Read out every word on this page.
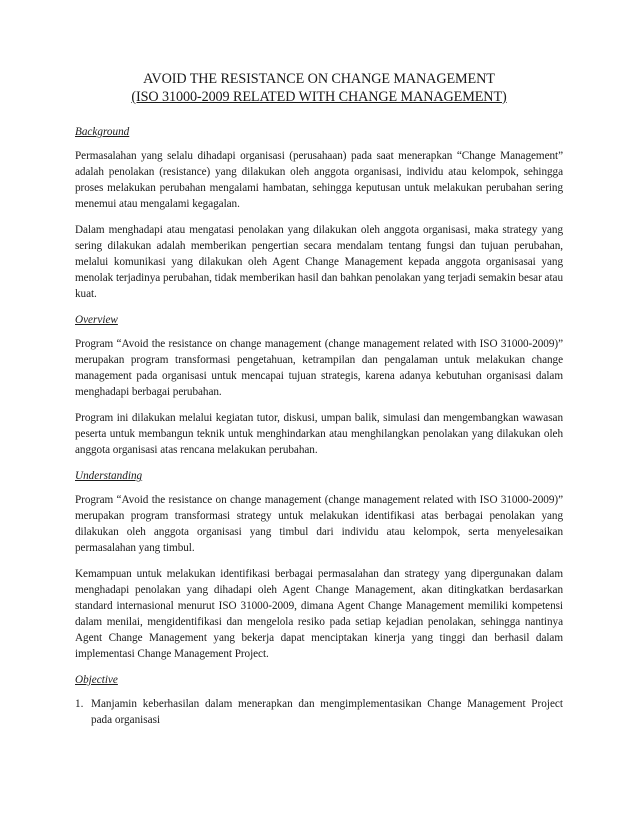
AVOID THE RESISTANCE ON CHANGE MANAGEMENT

(ISO 31000-2009 RELATED WITH CHANGE MANAGEMENT)

Background

Permasalahan yang selalu dihadapi organisasi (perusahaan) pada saat menerapkan “Change Management” adalah penolakan (resistance) yang dilakukan oleh anggota organisasi, individu atau kelompok, sehingga proses melakukan perubahan mengalami hambatan, sehingga keputusan untuk melakukan perubahan sering menemui atau mengalami kegagalan.

Dalam menghadapi atau mengatasi penolakan yang dilakukan oleh anggota organisasi, maka strategy yang sering dilakukan adalah memberikan pengertian secara mendalam tentang fungsi dan tujuan perubahan, melalui komunikasi yang dilakukan oleh Agent Change Management kepada anggota organisasai yang menolak terjadinya perubahan, tidak memberikan hasil dan bahkan penolakan yang terjadi semakin besar atau kuat.

Overview

Program “Avoid the resistance on change management (change management related with ISO 31000-2009)” merupakan program transformasi pengetahuan, ketrampilan dan pengalaman untuk melakukan change management pada organisasi untuk mencapai tujuan strategis, karena adanya kebutuhan organisasi dalam menghadapi berbagai perubahan.

Program ini dilakukan melalui kegiatan tutor, diskusi, umpan balik, simulasi dan mengembangkan wawasan peserta untuk membangun teknik untuk menghindarkan atau menghilangkan penolakan yang dilakukan oleh anggota organisasi atas rencana melakukan perubahan.

Understanding

Program “Avoid the resistance on change management (change management related with ISO 31000-2009)” merupakan program transformasi strategy untuk melakukan identifikasi atas berbagai penolakan yang dilakukan oleh anggota organisasi yang timbul dari individu atau kelompok, serta menyelesaikan permasalahan yang timbul.

Kemampuan untuk melakukan identifikasi berbagai permasalahan dan strategy yang dipergunakan dalam menghadapi penolakan yang dihadapi oleh Agent Change Management, akan ditingkatkan berdasarkan standard internasional menurut ISO 31000-2009, dimana Agent Change Management memiliki kompetensi dalam menilai, mengidentifikasi dan mengelola resiko pada setiap kejadian penolakan, sehingga nantinya Agent Change Management yang bekerja dapat menciptakan kinerja yang tinggi dan berhasil dalam implementasi Change Management Project.

Objective

1. Manjamin keberhasilan dalam menerapkan dan mengimplementasikan Change Management Project pada organisasi
